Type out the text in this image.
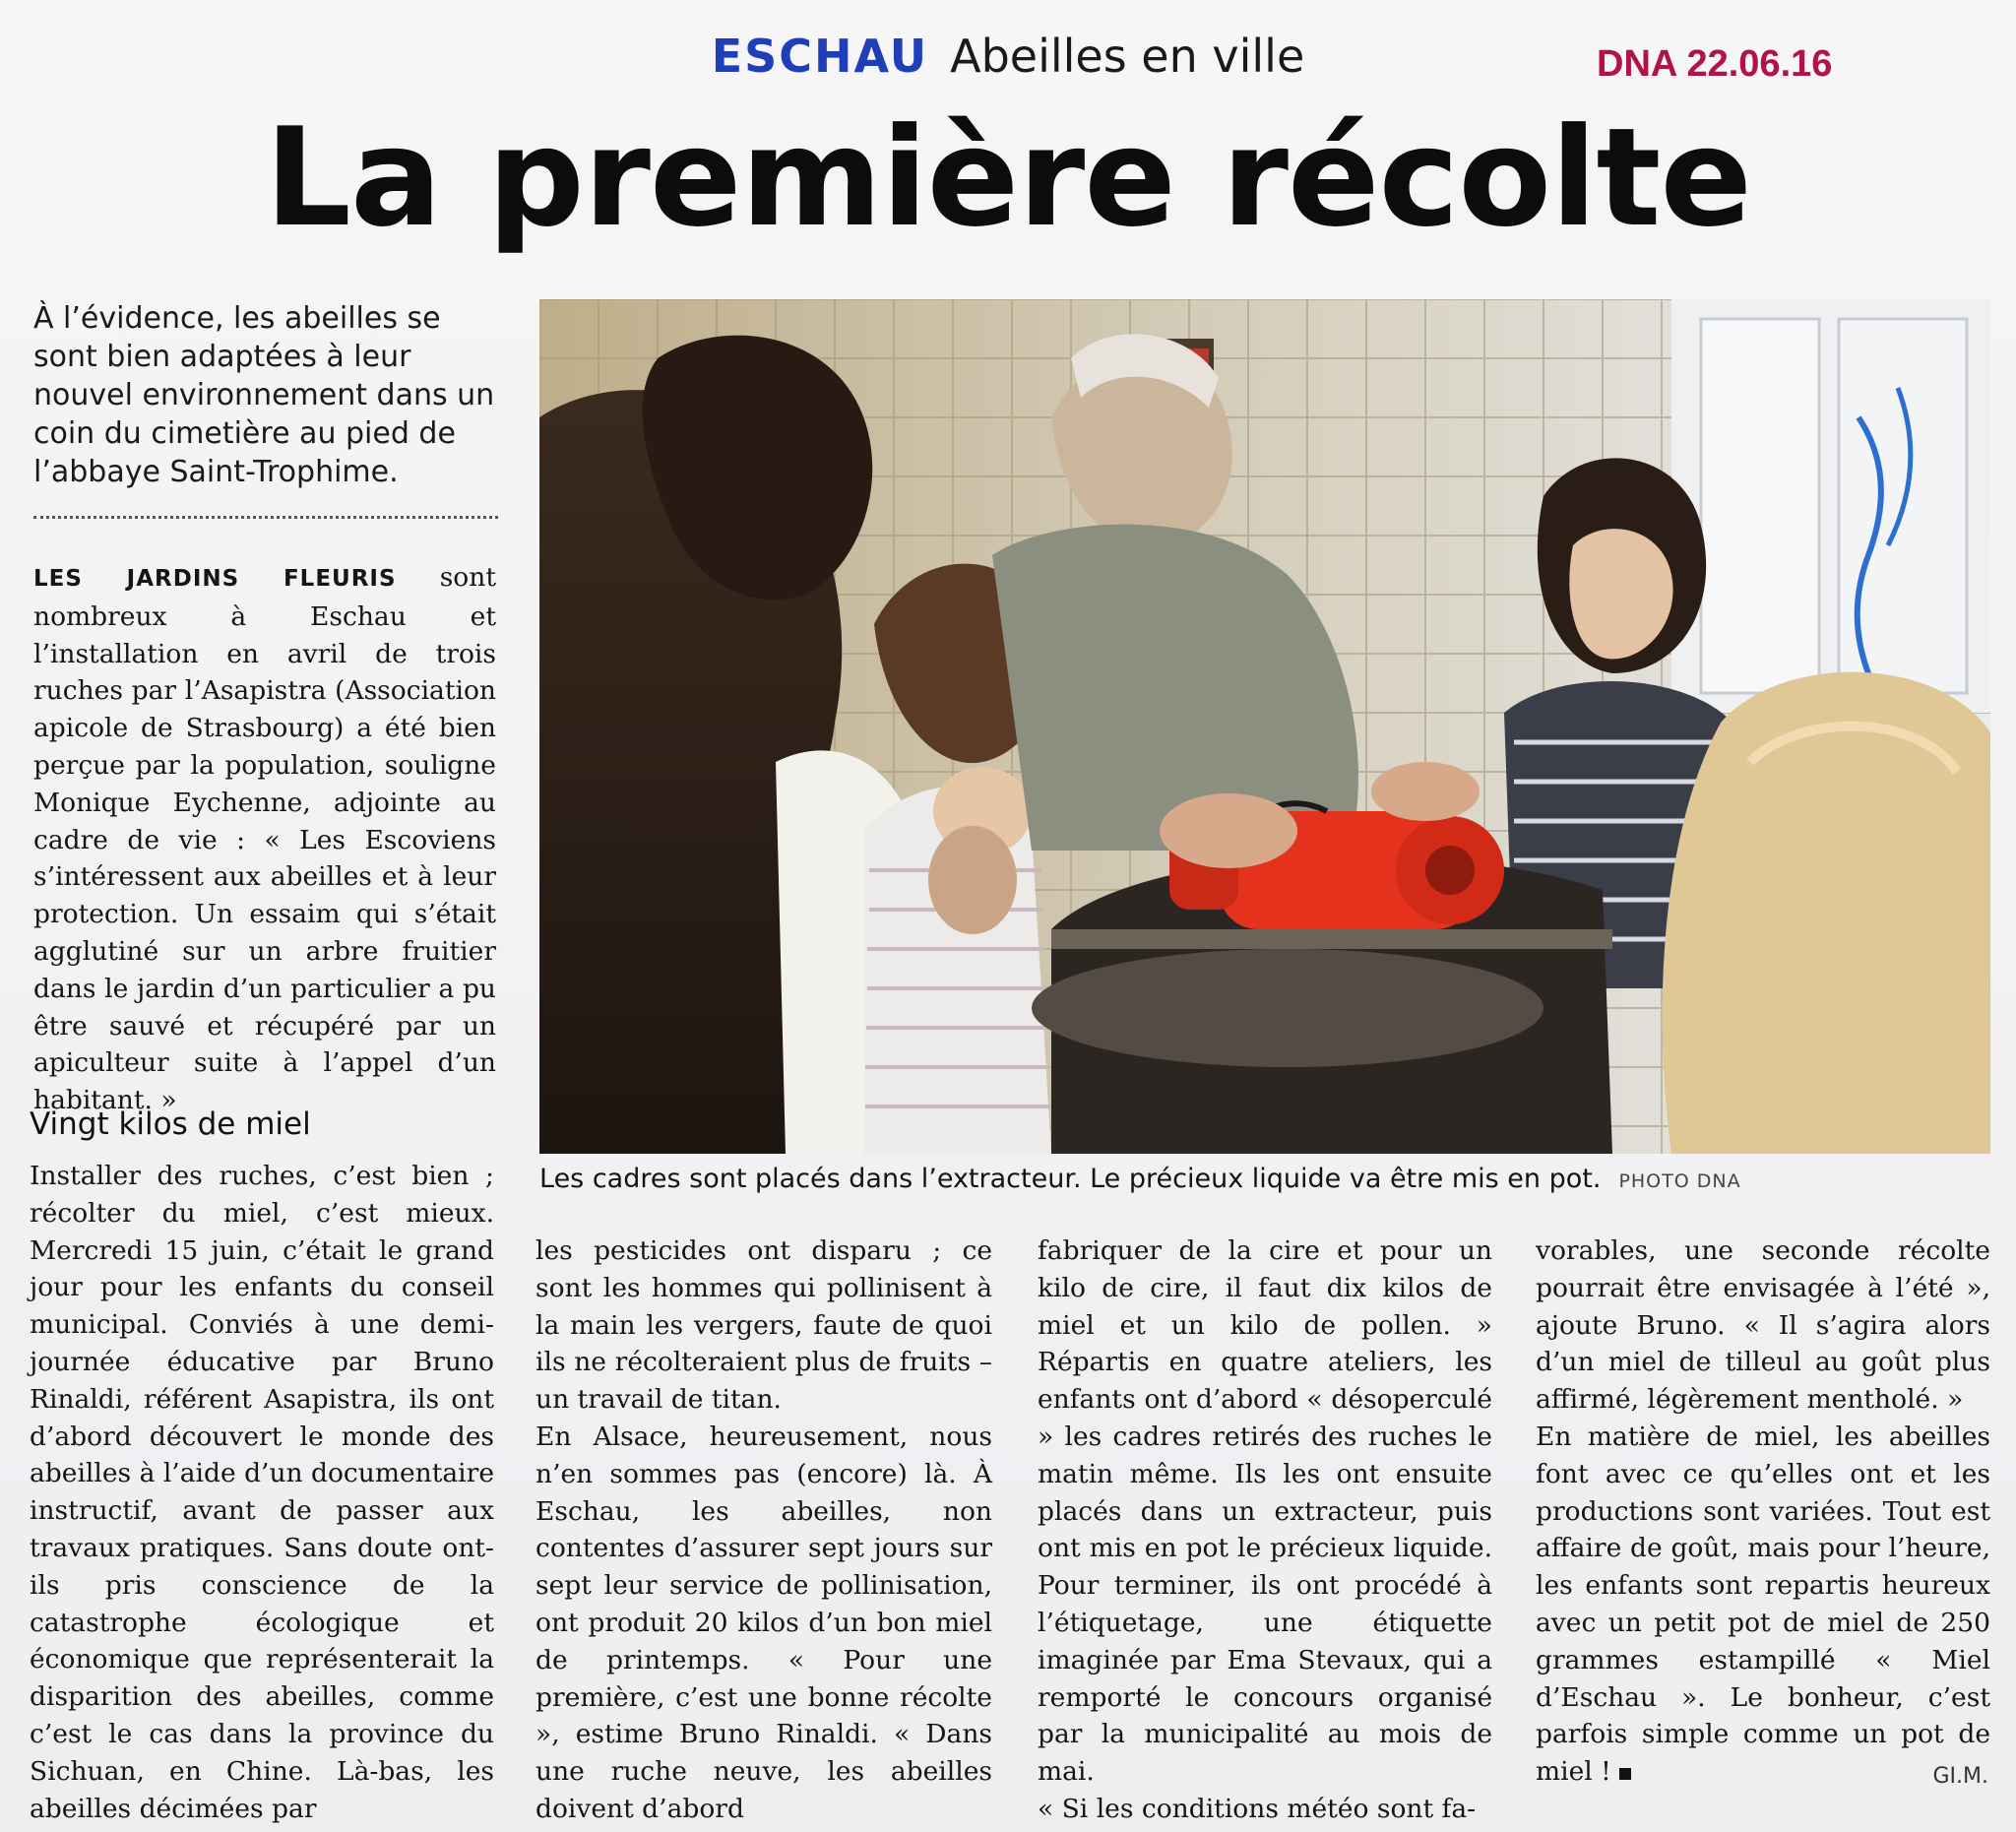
ESCHAU Abeilles en ville	DNA 22.06.16
La première récolte
À l’évidence, les abeilles se sont bien adaptées à leur nouvel environnement dans un coin du cimetière au pied de l’abbaye Saint-Trophime.

LES JARDINS FLEURIS sont nombreux à Eschau et l’installation en avril de trois ruches par l’Asapistra (Association apicole de Strasbourg) a été bien perçue par la population, souligne Monique Eychenne, adjointe au cadre de vie : « Les Escoviens s’intéressent aux abeilles et à leur protection. Un essaim qui s’était agglutiné sur un arbre fruitier dans le jardin d’un particulier a pu être sauvé et récupéré par un apiculteur suite à l’appel d’un habitant. »

Vingt kilos de miel

Installer des ruches, c’est bien ; récolter du miel, c’est mieux. Mercredi 15 juin, c’était le grand jour pour les enfants du conseil municipal. Conviés à une demi-journée éducative par Bruno Rinaldi, référent Asapistra, ils ont d’abord découvert le monde des abeilles à l’aide d’un documentaire instructif, avant de passer aux travaux pratiques. Sans doute ont-ils pris conscience de la catastrophe écologique et économique que représenterait la disparition des abeilles, comme c’est le cas dans la province du Sichuan, en Chine. Là-bas, les abeilles décimées par

les pesticides ont disparu ; ce sont les hommes qui pollinisent à la main les vergers, faute de quoi ils ne récolteraient plus de fruits – un travail de titan.

En Alsace, heureusement, nous n’en sommes pas (encore) là. À Eschau, les abeilles, non contentes d’assurer sept jours sur sept leur service de pollinisation, ont produit 20 kilos d’un bon miel de printemps. « Pour une première, c’est une bonne récolte », estime Bruno Rinaldi. « Dans une ruche neuve, les abeilles doivent d’abord

fabriquer de la cire et pour un kilo de cire, il faut dix kilos de miel et un kilo de pollen. » Répartis en quatre ateliers, les enfants ont d’abord « désoperculé » les cadres retirés des ruches le matin même. Ils les ont ensuite placés dans un extracteur, puis ont mis en pot le précieux liquide. Pour terminer, ils ont procédé à l’étiquetage, une étiquette imaginée par Ema Stevaux, qui a remporté le concours organisé par la municipalité au mois de mai.

« Si les conditions météo sont fa-

vorables, une seconde récolte pourrait être envisagée à l’été », ajoute Bruno. « Il s’agira alors d’un miel de tilleul au goût plus affirmé, légèrement mentholé. »

En matière de miel, les abeilles font avec ce qu’elles ont et les productions sont variées. Tout est affaire de goût, mais pour l’heure, les enfants sont repartis heureux avec un petit pot de miel de 250 grammes estampillé « Miel d’Eschau ». Le bonheur, c’est parfois simple comme un pot de miel !	GI.M.
Les cadres sont placés dans l’extracteur. Le précieux liquide va être mis en pot. PHOTO DNA
